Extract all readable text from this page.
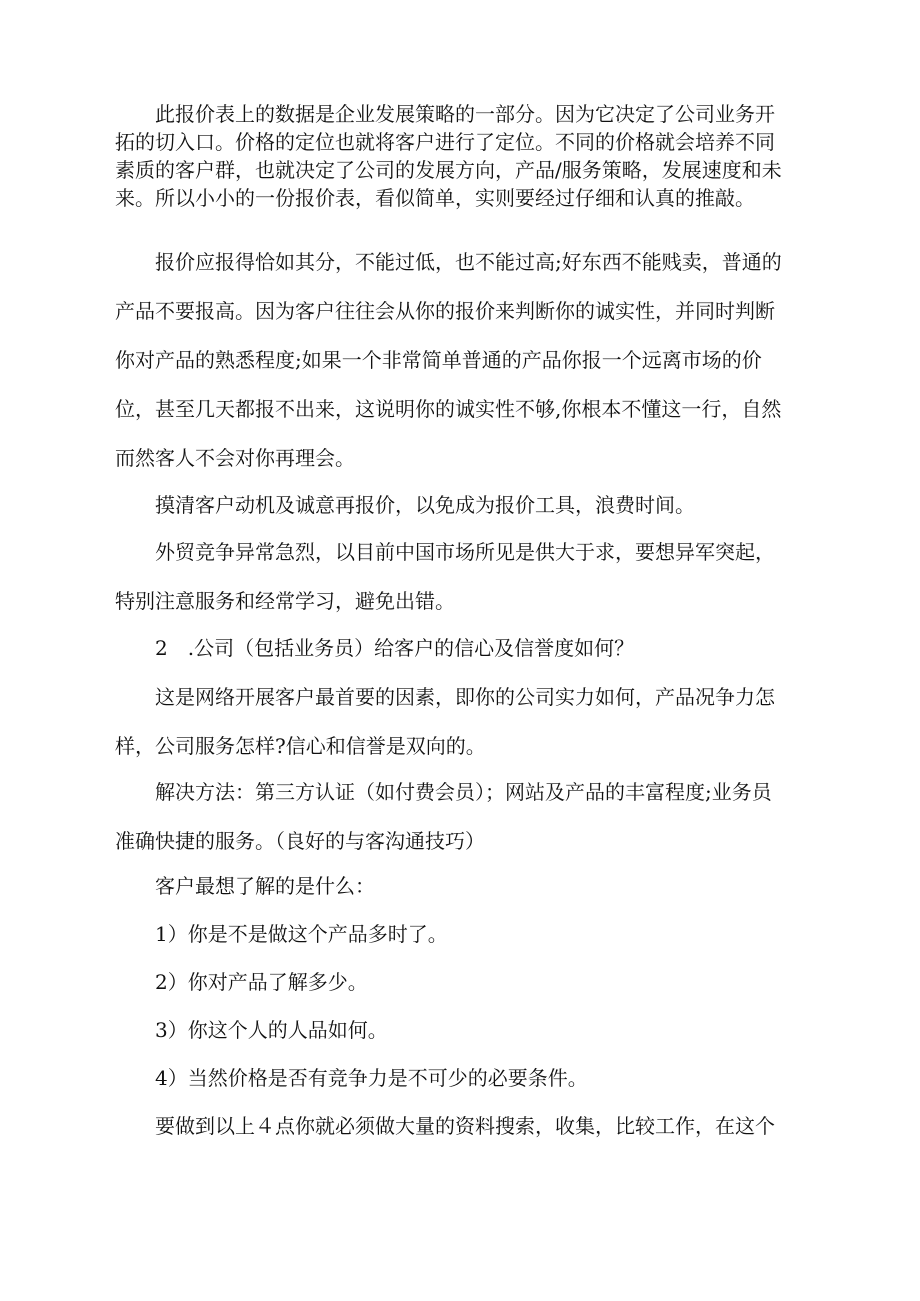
　　此报价表上的数据是企业发展策略的一部分。因为它决定了公司业务开拓的切入口。价格的定位也就将客户进行了定位。不同的价格就会培养不同素质的客户群，也就决定了公司的发展方向，产品/服务策略，发展速度和未来。所以小小的一份报价表，看似简单，实则要经过仔细和认真的推敲。

　　报价应报得恰如其分，不能过低，也不能过高;好东西不能贱卖，普通的产品不要报高。因为客户往往会从你的报价来判断你的诚实性，并同时判断你对产品的熟悉程度;如果一个非常简单普通的产品你报一个远离市场的价位，甚至几天都报不出来，这说明你的诚实性不够,你根本不懂这一行，自然而然客人不会对你再理会。

　　摸清客户动机及诚意再报价，以免成为报价工具，浪费时间。

　　外贸竞争异常急烈，以目前中国市场所见是供大于求，要想异军突起，特别注意服务和经常学习，避免出错。

　　2　.公司（包括业务员）给客户的信心及信誉度如何？

　　这是网络开展客户最首要的因素，即你的公司实力如何，产品况争力怎样，公司服务怎样?信心和信誉是双向的。

　　解决方法：第三方认证（如付费会员）；网站及产品的丰富程度;业务员准确快捷的服务。（良好的与客沟通技巧）

　　客户最想了解的是什么：

　　1）你是不是做这个产品多时了。

　　2）你对产品了解多少。

　　3）你这个人的人品如何。

　　4）当然价格是否有竞争力是不可少的必要条件。

　　要做到以上４点你就必须做大量的资料搜索，收集，比较工作，在这个
